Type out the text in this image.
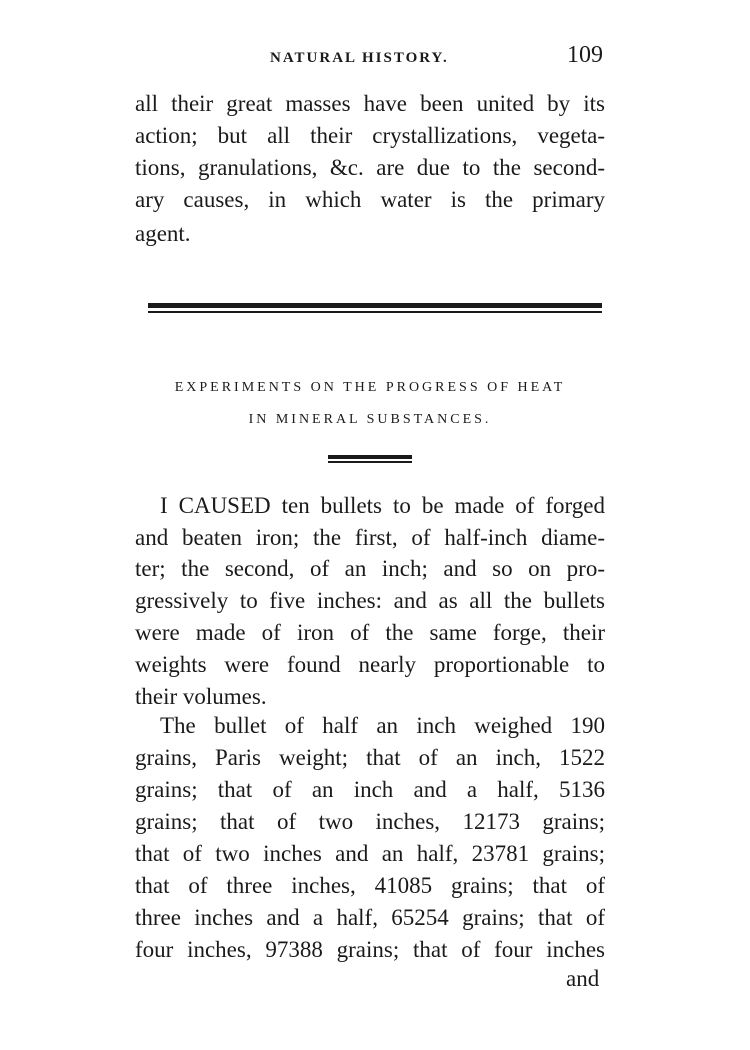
NATURAL HISTORY.	109
all their great masses have been united by its
action; but all their crystallizations, vegeta-
tions, granulations, &c. are due to the second-
ary causes, in which water is the primary
agent.
EXPERIMENTS ON THE PROGRESS OF HEAT
IN MINERAL SUBSTANCES.
I CAUSED ten bullets to be made of forged
and beaten iron; the first, of half-inch diame-
ter; the second, of an inch; and so on pro-
gressively to five inches: and as all the bullets
were made of iron of the same forge, their
weights were found nearly proportionable to
their volumes.
The bullet of half an inch weighed 190
grains, Paris weight; that of an inch, 1522
grains; that of an inch and a half, 5136
grains; that of two inches, 12173 grains;
that of two inches and an half, 23781 grains;
that of three inches, 41085 grains; that of
three inches and a half, 65254 grains; that of
four inches, 97388 grains; that of four inches
and
